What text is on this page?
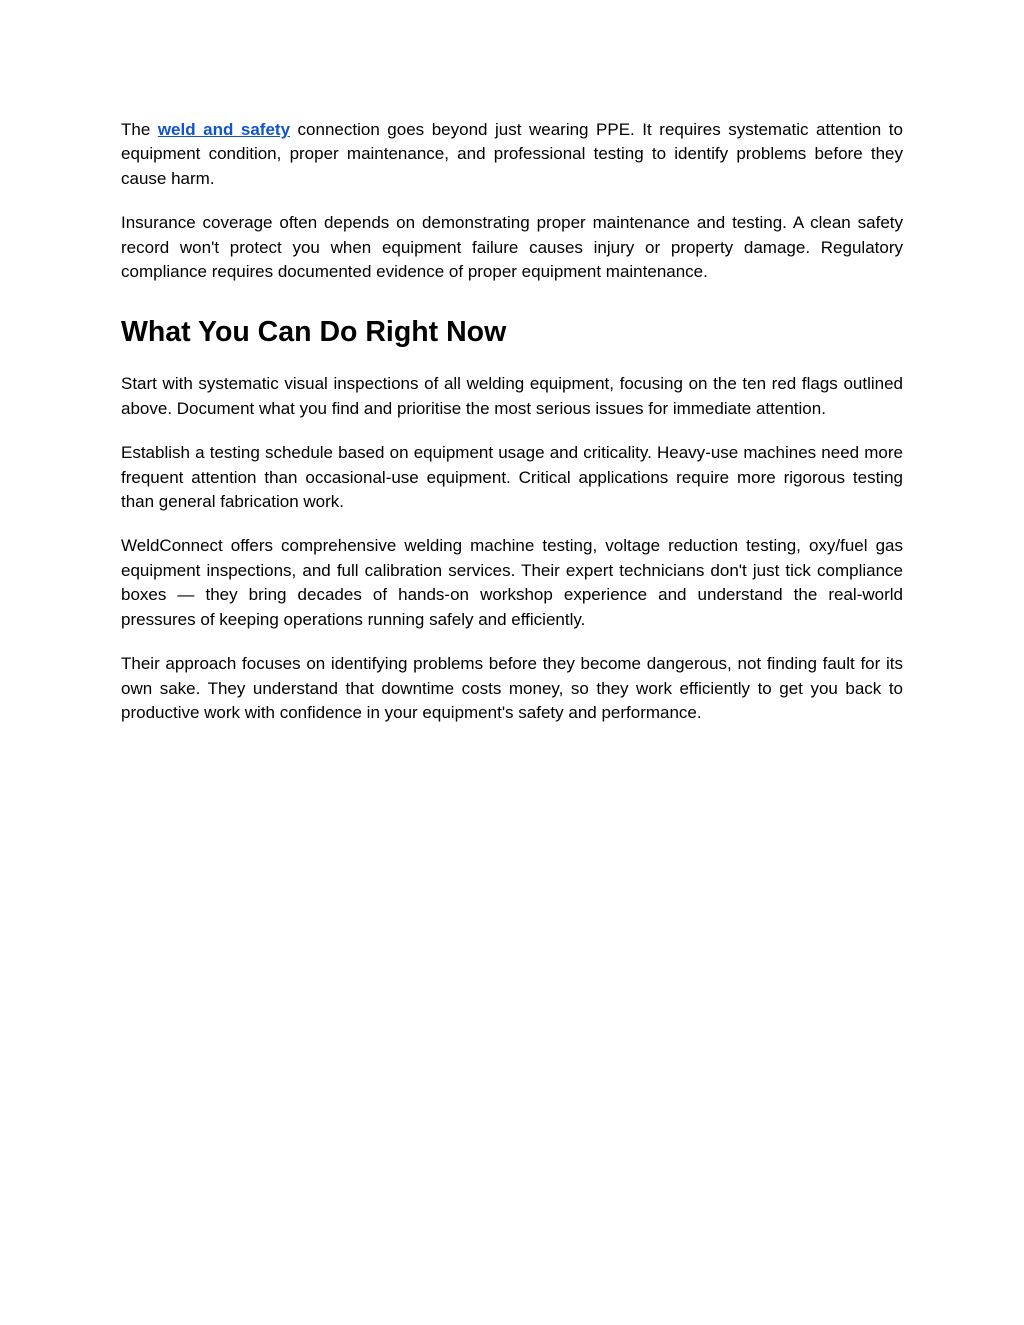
The weld and safety connection goes beyond just wearing PPE. It requires systematic attention to equipment condition, proper maintenance, and professional testing to identify problems before they cause harm.

Insurance coverage often depends on demonstrating proper maintenance and testing. A clean safety record won't protect you when equipment failure causes injury or property damage. Regulatory compliance requires documented evidence of proper equipment maintenance.

What You Can Do Right Now

Start with systematic visual inspections of all welding equipment, focusing on the ten red flags outlined above. Document what you find and prioritise the most serious issues for immediate attention.

Establish a testing schedule based on equipment usage and criticality. Heavy-use machines need more frequent attention than occasional-use equipment. Critical applications require more rigorous testing than general fabrication work.

WeldConnect offers comprehensive welding machine testing, voltage reduction testing, oxy/fuel gas equipment inspections, and full calibration services. Their expert technicians don't just tick compliance boxes — they bring decades of hands-on workshop experience and understand the real-world pressures of keeping operations running safely and efficiently.

Their approach focuses on identifying problems before they become dangerous, not finding fault for its own sake. They understand that downtime costs money, so they work efficiently to get you back to productive work with confidence in your equipment's safety and performance.
